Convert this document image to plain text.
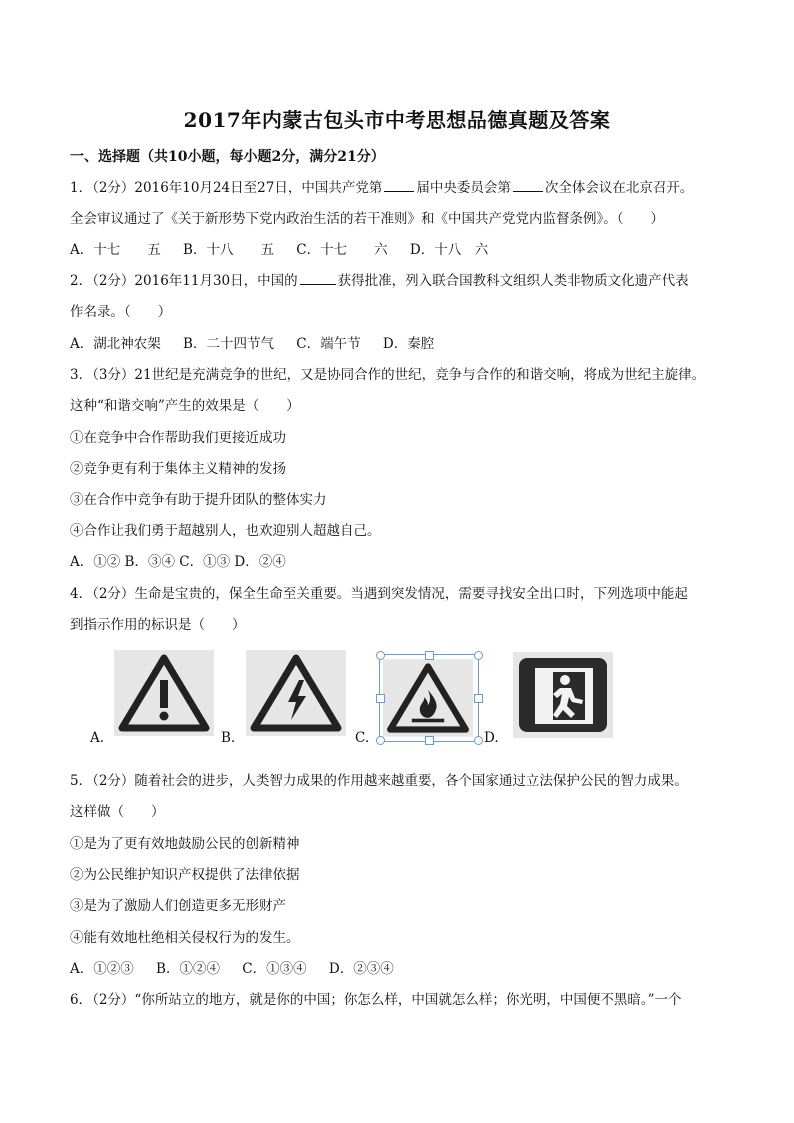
2017年内蒙古包头市中考思想品德真题及答案
一、选择题（共10小题，每小题2分，满分21分）
1．（2分）2016年10月24日至27日，中国共产党第	届中央委员会第	次全体会议在北京召开。
全会审议通过了《关于新形势下党内政治生活的若干准则》和《中国共产党党内监督条例》。（　　）
A．十七　　五 B．十八　　五 C．十七　　六 D．十八　六
2．（2分）2016年11月30日，中国的	获得批准，列入联合国教科文组织人类非物质文化遗产代表
作名录。（　　）
A．湖北神农架 B．二十四节气 C．端午节 D．秦腔
3．（3分）21世纪是充满竞争的世纪，又是协同合作的世纪，竞争与合作的和谐交响，将成为世纪主旋律。
这种“和谐交响”产生的效果是（　　）
①在竞争中合作帮助我们更接近成功
②竞争更有利于集体主义精神的发扬
③在合作中竞争有助于提升团队的整体实力
④合作让我们勇于超越别人，也欢迎别人超越自己。
A．①② B．③④ C．①③ D．②④
4．（2分）生命是宝贵的，保全生命至关重要。当遇到突发情况，需要寻找安全出口时，下列选项中能起
到指示作用的标识是（　　）
A.	B.	C.	D.
5．（2分）随着社会的进步，人类智力成果的作用越来越重要，各个国家通过立法保护公民的智力成果。
这样做（　　）
①是为了更有效地鼓励公民的创新精神
②为公民维护知识产权提供了法律依据
③是为了激励人们创造更多无形财产
④能有效地杜绝相关侵权行为的发生。
A．①②③ B．①②④ C．①③④ D．②③④
6．（2分）“你所站立的地方，就是你的中国；你怎么样，中国就怎么样；你光明，中国便不黑暗。”一个
